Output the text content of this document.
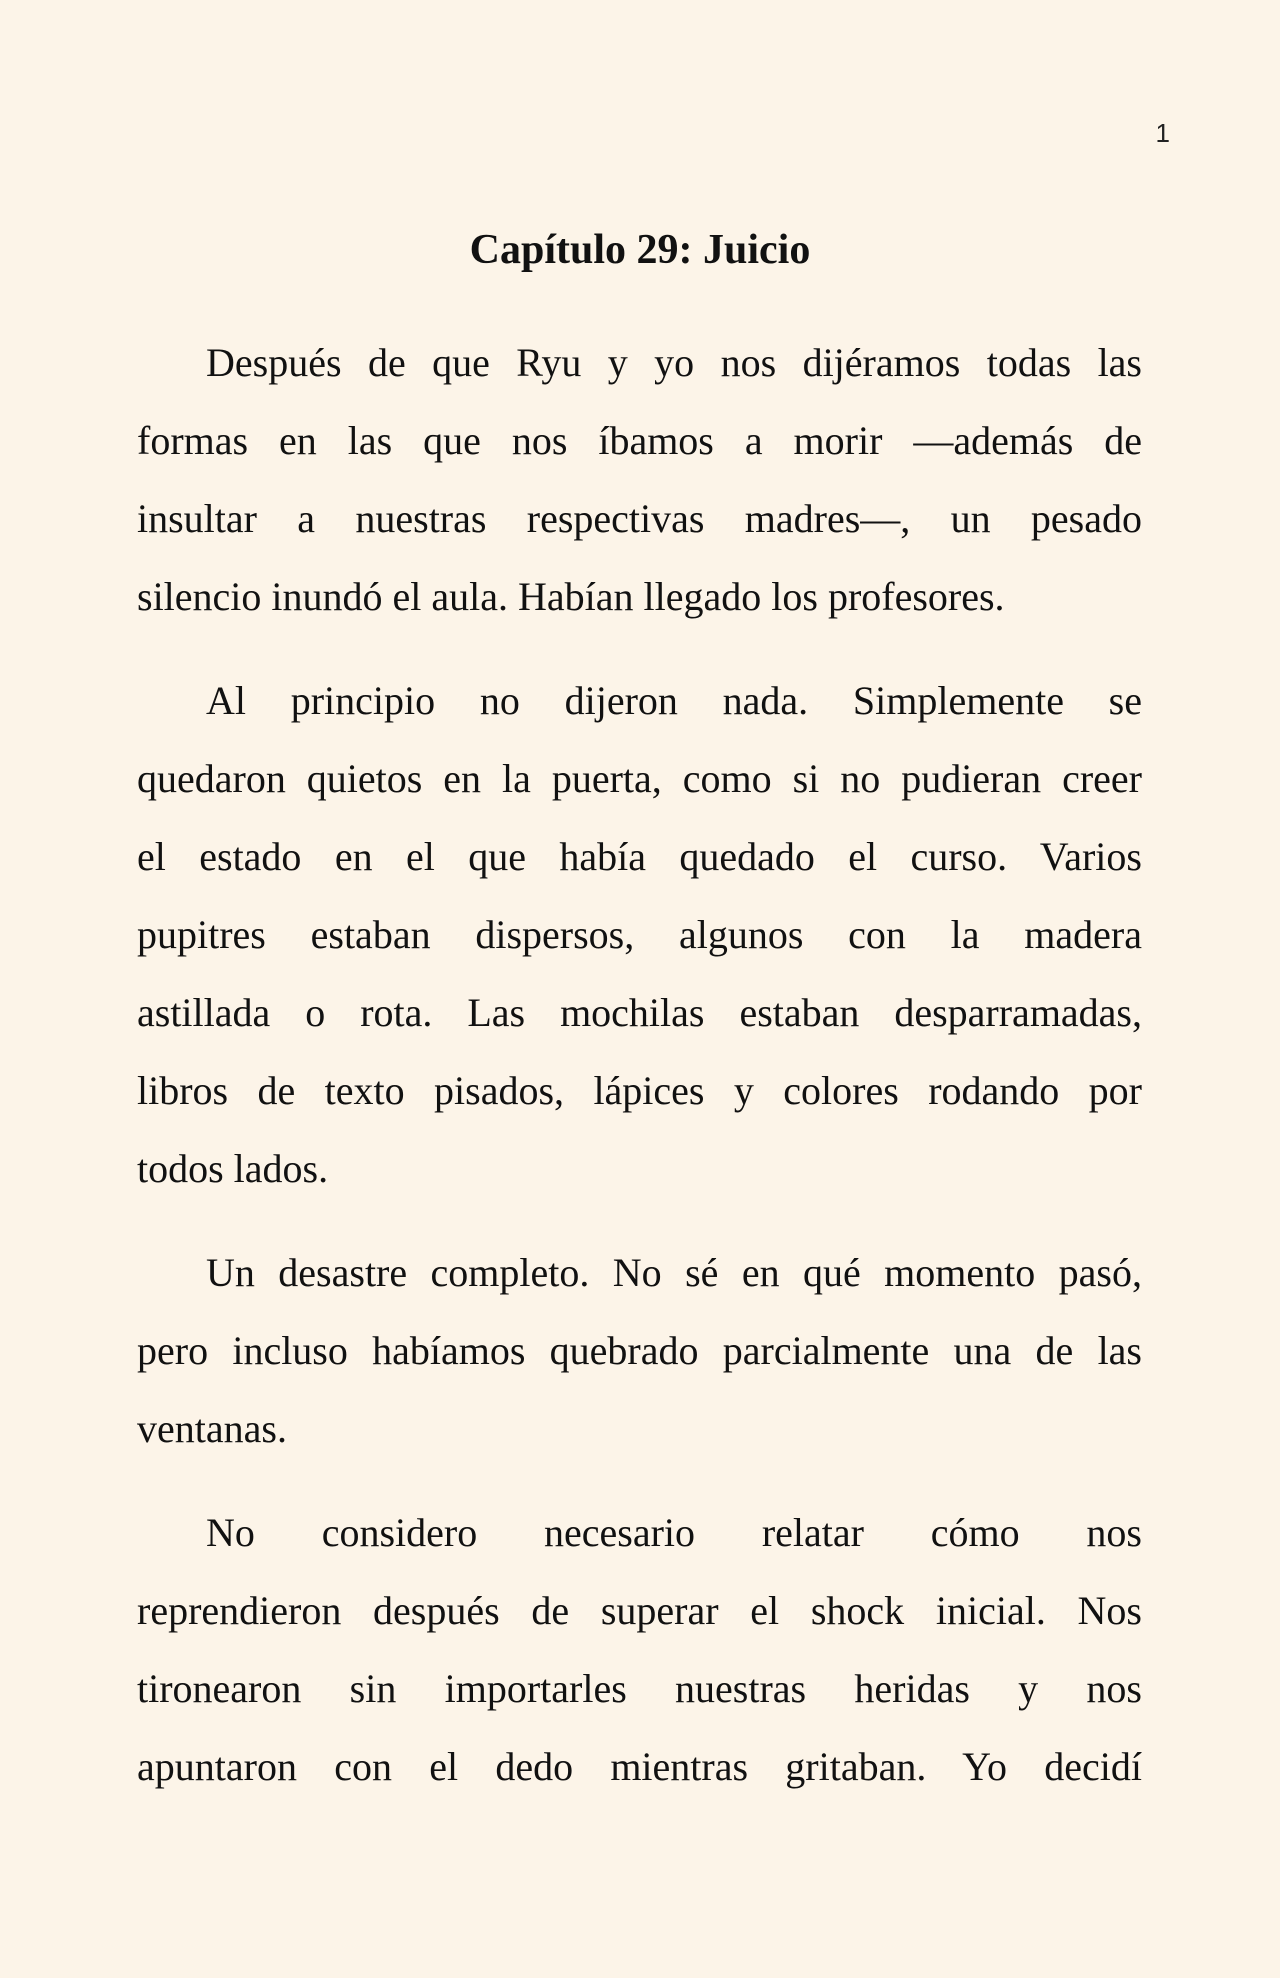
1
Capítulo 29: Juicio
Después de que Ryu y yo nos dijéramos todas las
formas en las que nos íbamos a morir —además de
insultar a nuestras respectivas madres—, un pesado
silencio inundó el aula. Habían llegado los profesores.
Al principio no dijeron nada. Simplemente se
quedaron quietos en la puerta, como si no pudieran creer
el estado en el que había quedado el curso. Varios
pupitres estaban dispersos, algunos con la madera
astillada o rota. Las mochilas estaban desparramadas,
libros de texto pisados, lápices y colores rodando por
todos lados.
Un desastre completo. No sé en qué momento pasó,
pero incluso habíamos quebrado parcialmente una de las
ventanas.
No considero necesario relatar cómo nos
reprendieron después de superar el shock inicial. Nos
tironearon sin importarles nuestras heridas y nos
apuntaron con el dedo mientras gritaban. Yo decidí
